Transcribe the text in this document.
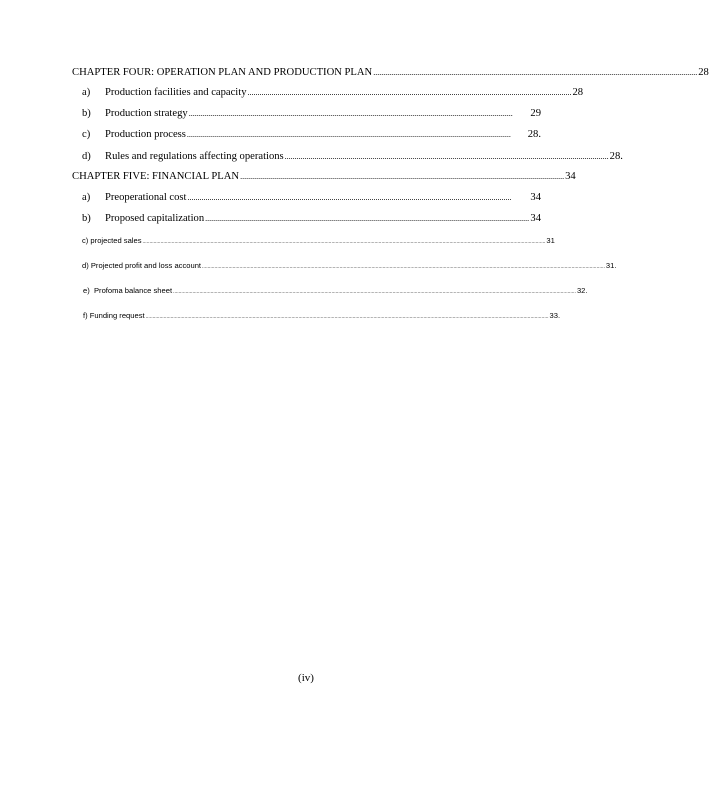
CHAPTER FOUR: OPERATION PLAN AND PRODUCTION PLAN .................................................................................................................................................................. 28
a)	Production facilities and capacity .................................................................................................................................................................. 28
b)	Production strategy ..................................................................................................................................................................	29
c)	Production process ..................................................................................................................................................................	28.
d)	Rules and regulations affecting operations .................................................................................................................................................................. 28.
CHAPTER FIVE: FINANCIAL PLAN .................................................................................................................................................................. 34
a)	Preoperational cost ..................................................................................................................................................................	34
b)	Proposed capitalization .................................................................................................................................................................. 34
c) projected sales .................................................................................................................................................................................................................................................................................................. 31
d) Projected profit and loss account .................................................................................................................................................................................................................................................................................................. 31.
e)  Profoma balance sheet .................................................................................................................................................................................................................................................................................................. 32.
f) Funding request .................................................................................................................................................................................................................................................................................................. 33.
(iv)
